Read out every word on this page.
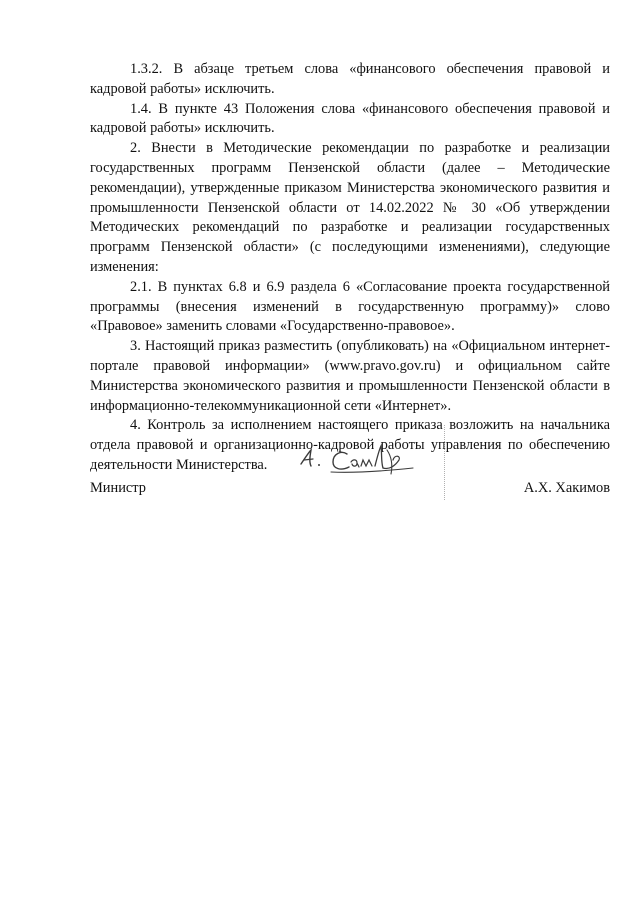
1.3.2. В абзаце третьем слова «финансового обеспечения правовой и кадровой работы» исключить.

1.4. В пункте 43 Положения слова «финансового обеспечения правовой и кадровой работы» исключить.

2. Внести в Методические рекомендации по разработке и реализации государственных программ Пензенской области (далее – Методические рекомендации), утвержденные приказом Министерства экономического развития и промышленности Пензенской области от 14.02.2022 № 30 «Об утверждении Методических рекомендаций по разработке и реализации государственных программ Пензенской области» (с последующими изменениями), следующие изменения:

2.1. В пунктах 6.8 и 6.9 раздела 6 «Согласование проекта государственной программы (внесения изменений в государственную программу)» слово «Правовое» заменить словами «Государственно-правовое».

3. Настоящий приказ разместить (опубликовать) на «Официальном интернет-портале правовой информации» (www.pravo.gov.ru) и официальном сайте Министерства экономического развития и промышленности Пензенской области в информационно-телекоммуникационной сети «Интернет».

4. Контроль за исполнением настоящего приказа возложить на начальника отдела правовой и организационно-кадровой работы управления по обеспечению деятельности Министерства.

Министр	А.Х. Хакимов
